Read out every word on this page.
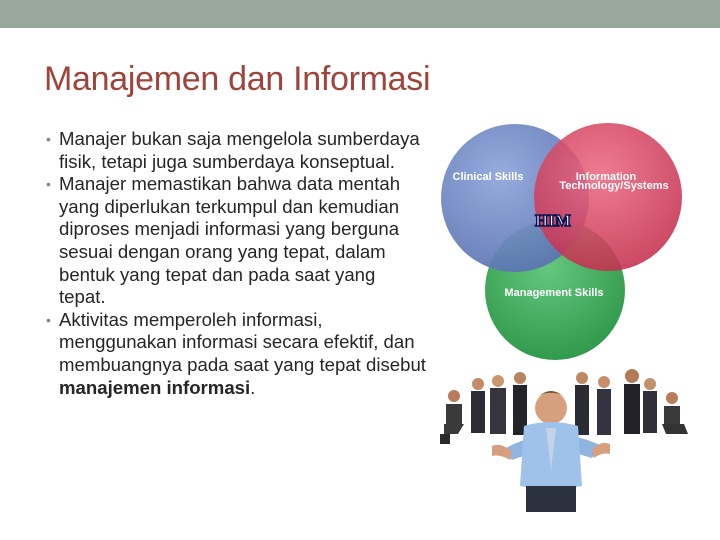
Manajemen dan Informasi
• Manajer bukan saja mengelola sumberdaya fisik, tetapi juga sumberdaya konseptual.
• Manajer memastikan bahwa data mentah yang diperlukan terkumpul dan kemudian diproses menjadi informasi yang berguna sesuai dengan orang yang tepat, dalam bentuk yang tepat dan pada saat yang tepat.
• Aktivitas memperoleh informasi, menggunakan informasi secara efektif, dan membuangnya pada saat yang tepat disebut manajemen informasi.
Clinical Skills	Information
Technology/Systems
Management Skills
HIM
